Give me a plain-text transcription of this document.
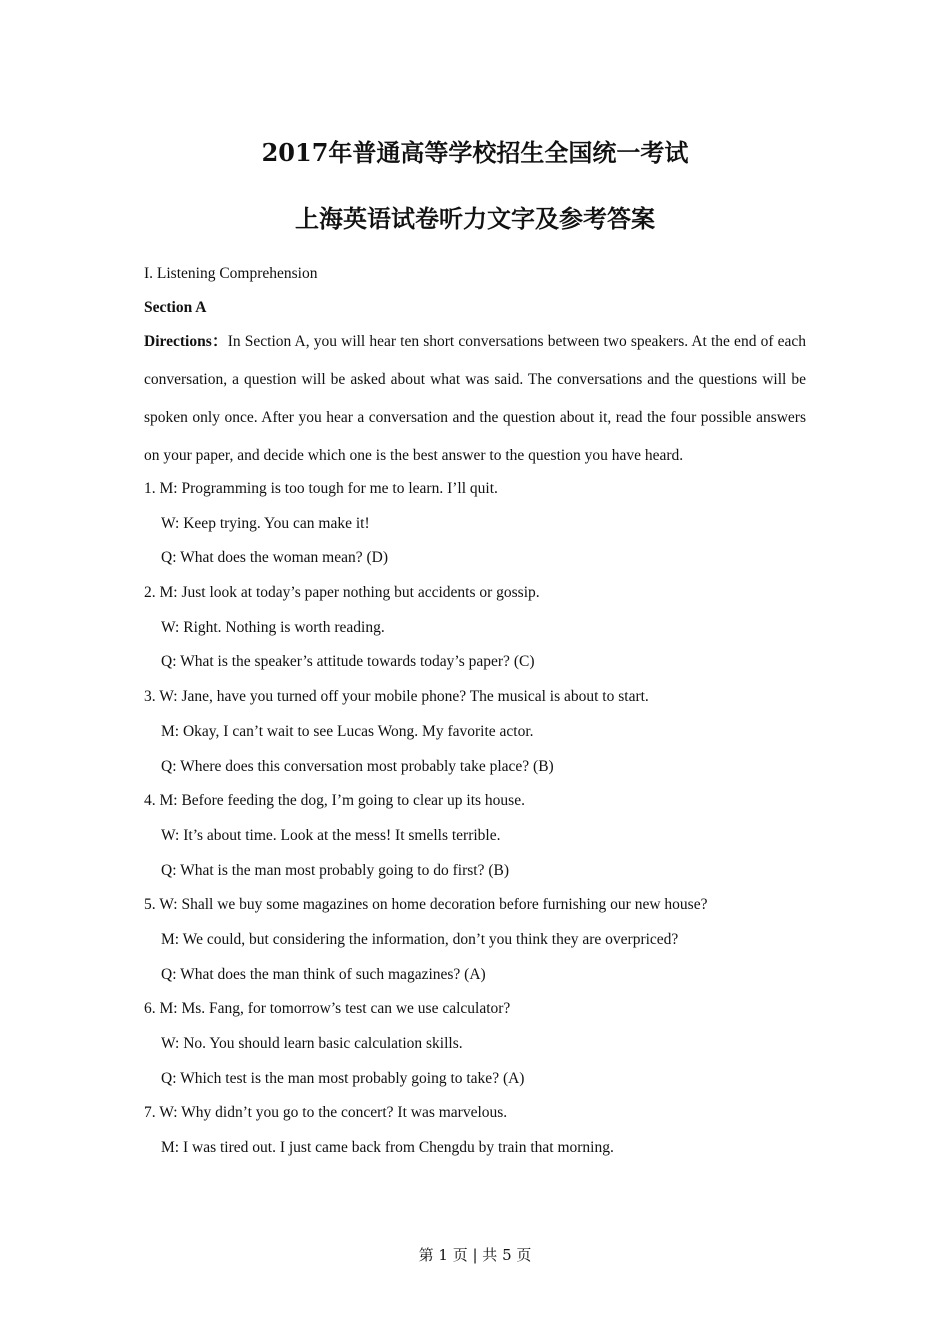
2017年普通高等学校招生全国统一考试
上海英语试卷听力文字及参考答案
I. Listening Comprehension
Section A
Directions：In Section A, you will hear ten short conversations between two speakers. At the end of each conversation, a question will be asked about what was said. The conversations and the questions will be spoken only once. After you hear a conversation and the question about it, read the four possible answers on your paper, and decide which one is the best answer to the question you have heard.
1. M: Programming is too tough for me to learn. I’ll quit.
W: Keep trying. You can make it!
Q: What does the woman mean? (D)
2. M: Just look at today’s paper nothing but accidents or gossip.
W: Right. Nothing is worth reading.
Q: What is the speaker’s attitude towards today’s paper? (C)
3. W: Jane, have you turned off your mobile phone? The musical is about to start.
M: Okay, I can’t wait to see Lucas Wong. My favorite actor.
Q: Where does this conversation most probably take place? (B)
4. M: Before feeding the dog, I’m going to clear up its house.
W: It’s about time. Look at the mess! It smells terrible.
Q: What is the man most probably going to do first? (B)
5. W: Shall we buy some magazines on home decoration before furnishing our new house?
M: We could, but considering the information, don’t you think they are overpriced?
Q: What does the man think of such magazines? (A)
6. M: Ms. Fang, for tomorrow’s test can we use calculator?
W: No. You should learn basic calculation skills.
Q: Which test is the man most probably going to take? (A)
7. W: Why didn’t you go to the concert? It was marvelous.
M: I was tired out. I just came back from Chengdu by train that morning.
第 1 页 | 共 5 页
